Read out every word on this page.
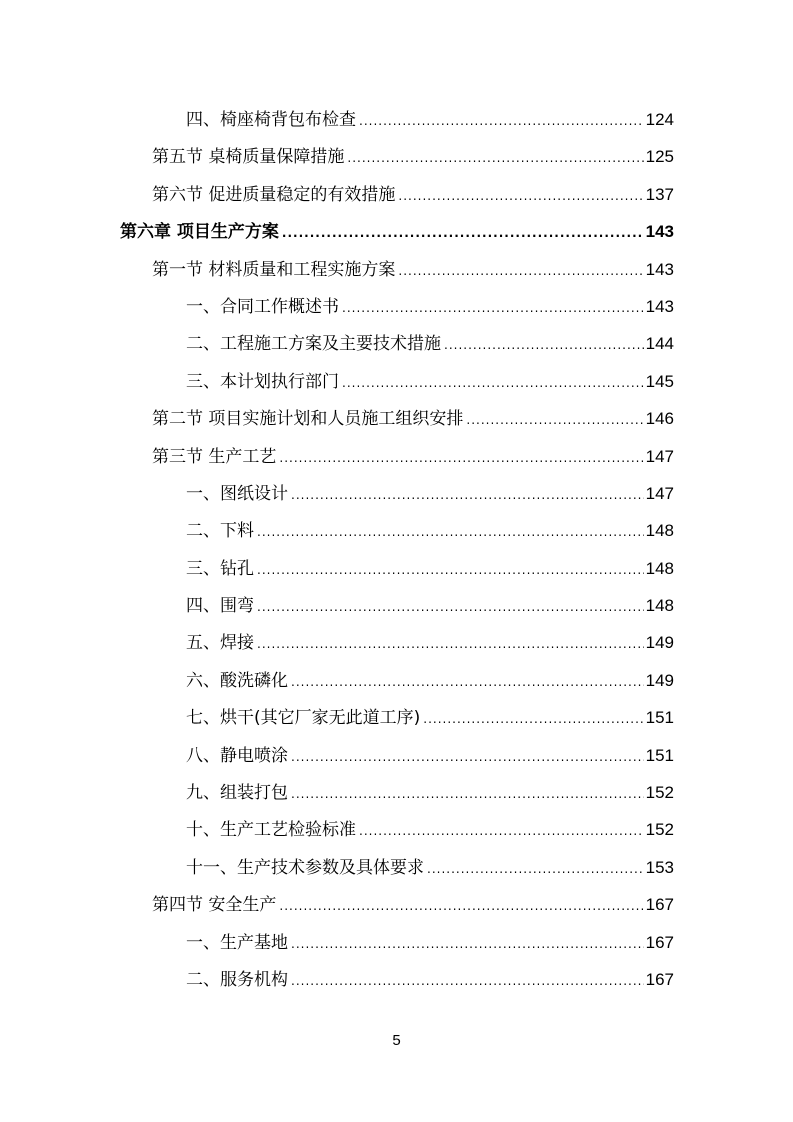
四、椅座椅背包布检查 .....	124
第五节 桌椅质量保障措施 .....	125
第六节 促进质量稳定的有效措施 .....	137
第六章 项目生产方案 .....	143
第一节 材料质量和工程实施方案 .....	143
一、合同工作概述书 .....	143
二、工程施工方案及主要技术措施 .....	144
三、本计划执行部门 .....	145
第二节 项目实施计划和人员施工组织安排 .....	146
第三节 生产工艺 .....	147
一、图纸设计 .....	147
二、下料 .....	148
三、钻孔 .....	148
四、围弯 .....	148
五、焊接 .....	149
六、酸洗磷化 .....	149
七、烘干(其它厂家无此道工序) .....	151
八、静电喷涂 .....	151
九、组装打包 .....	152
十、生产工艺检验标准 .....	152
十一、生产技术参数及具体要求 .....	153
第四节 安全生产 .....	167
一、生产基地 .....	167
二、服务机构 .....	167
5
